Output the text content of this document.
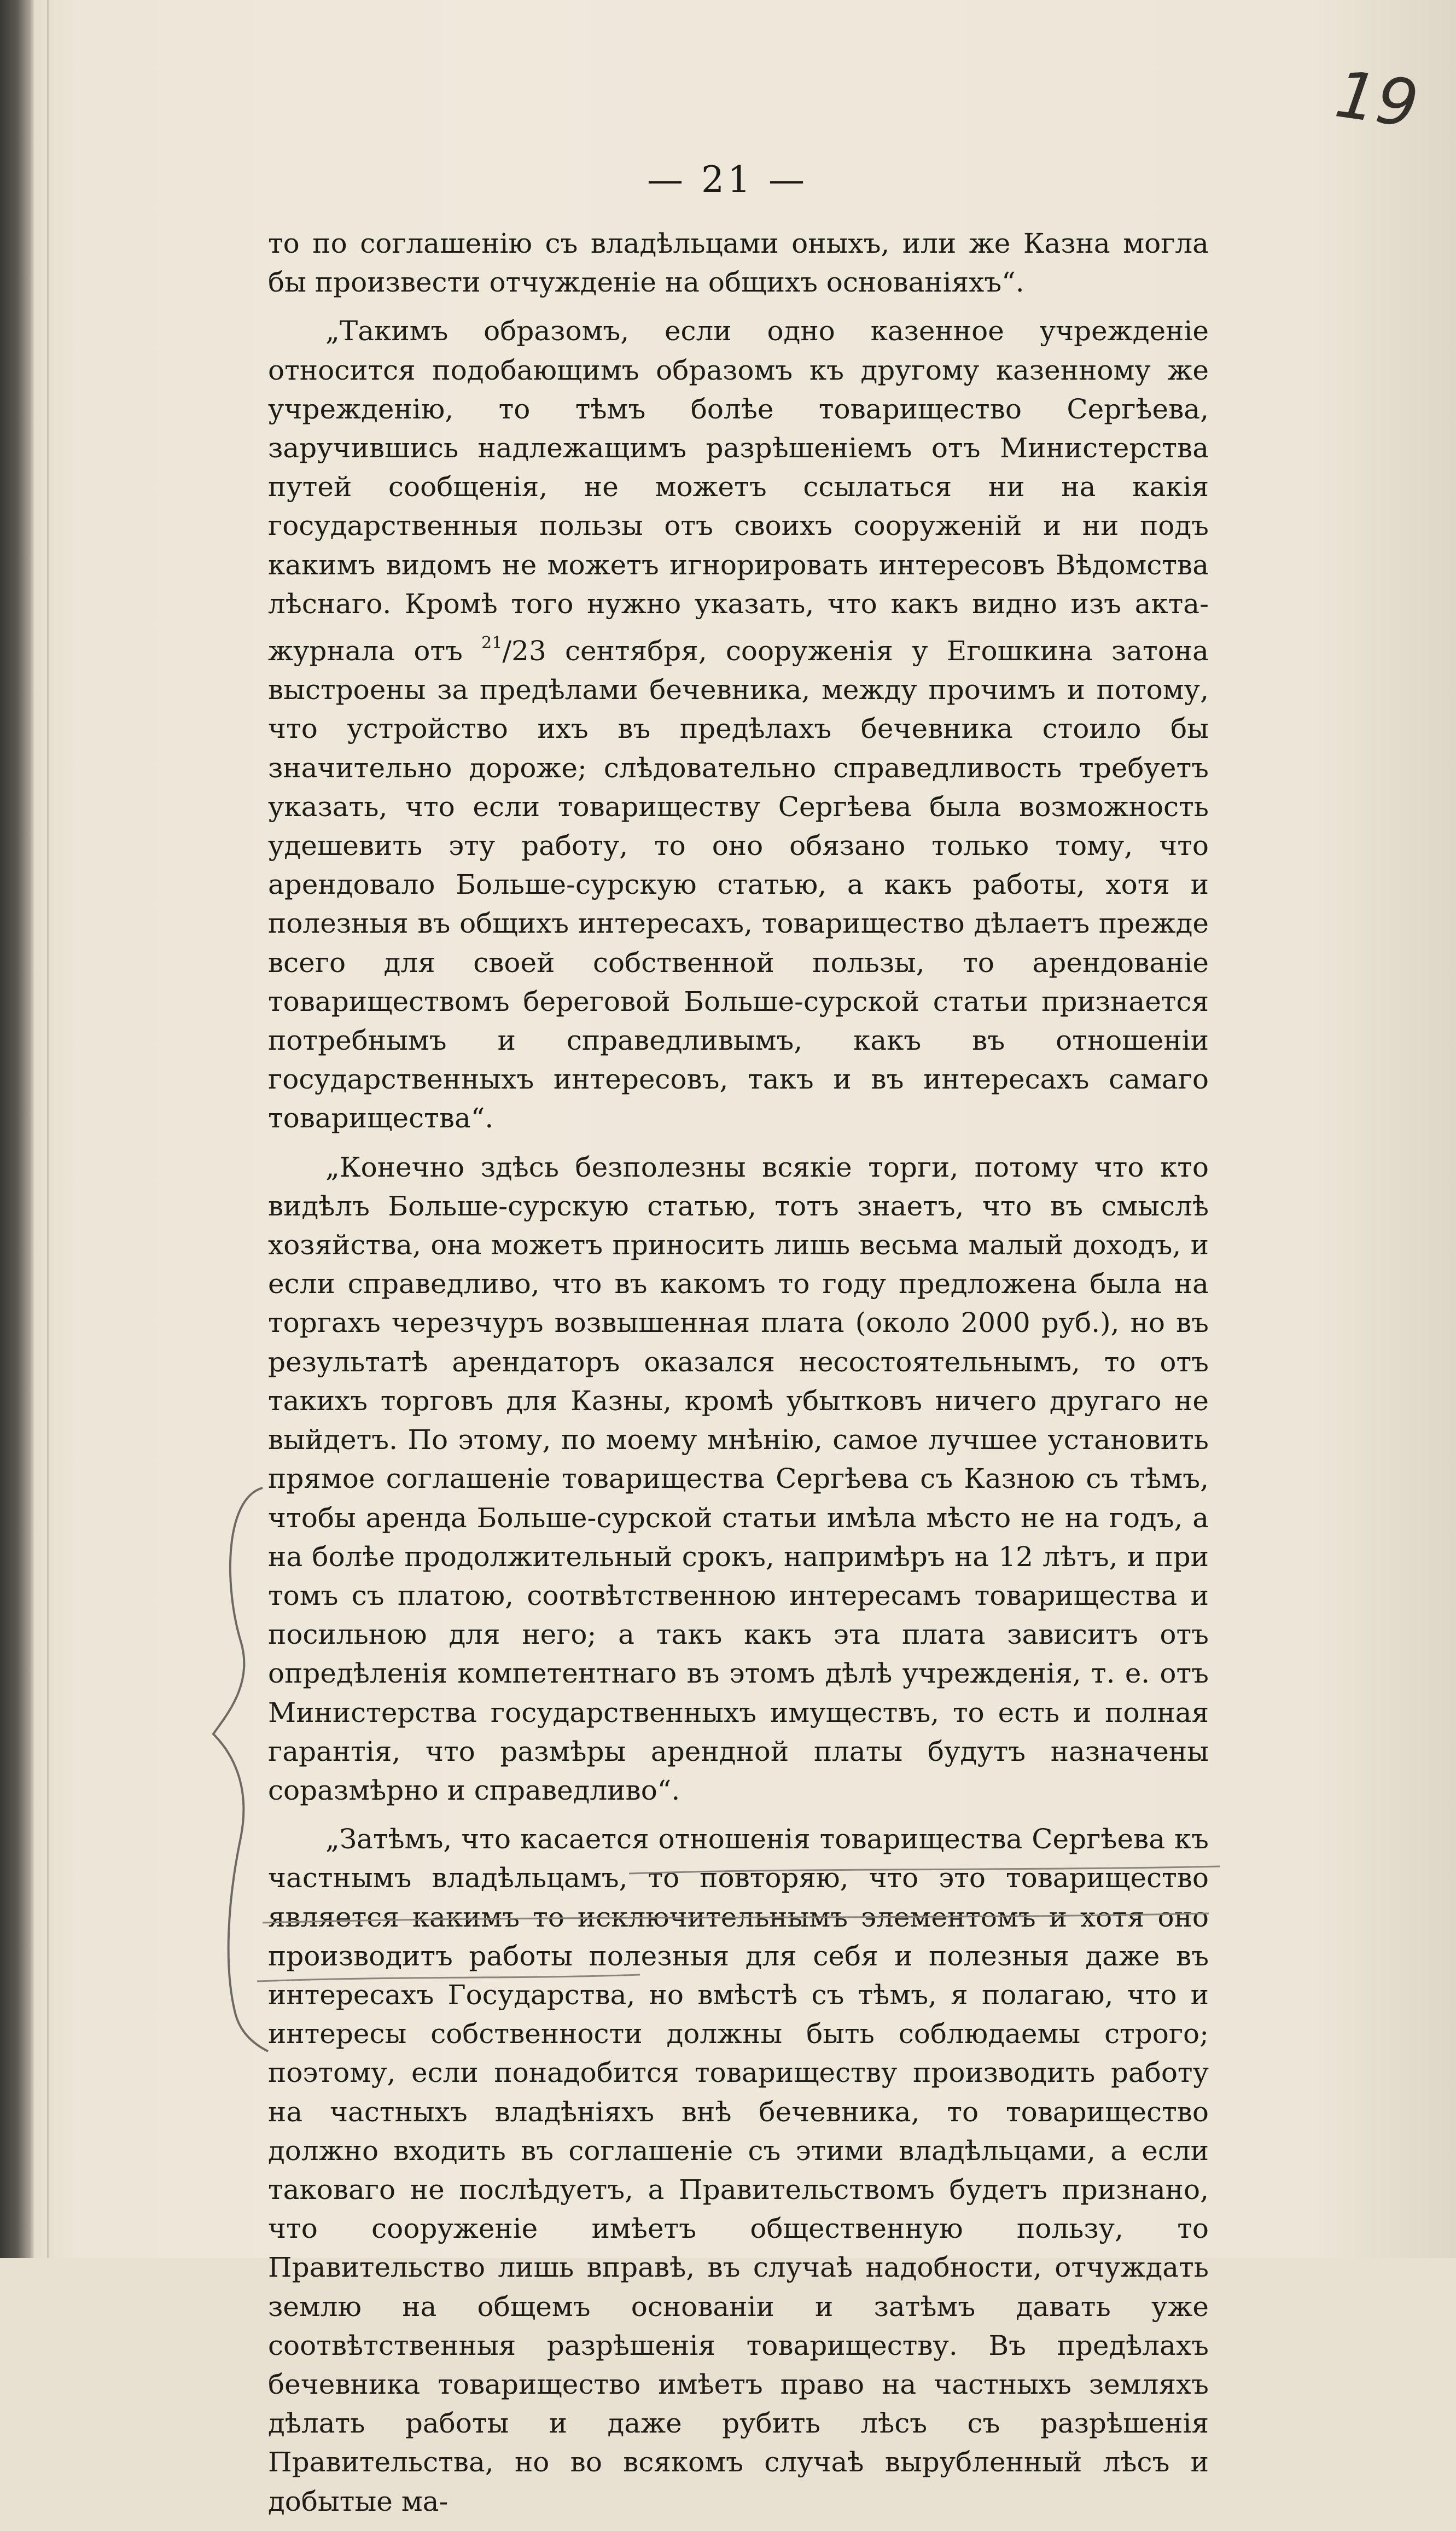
19
— 21 —

то по соглашенію съ владѣльцами оныхъ, или же Казна могла бы произвести отчужденіе на общихъ основаніяхъ“.

„Такимъ образомъ, если одно казенное учрежденіе относится подобающимъ образомъ къ другому казенному же учрежденію, то тѣмъ болѣе товарищество Сергѣева, заручившись надлежащимъ разрѣшеніемъ отъ Министерства путей сообщенія, не можетъ ссылаться ни на какія государственныя пользы отъ своихъ сооруженій и ни подъ какимъ видомъ не можетъ игнорировать интересовъ Вѣдомства лѣснаго. Кромѣ того нужно указать, что какъ видно изъ акта-журнала отъ $^{21}$/23 сентября, сооруженія у Егошкина затона выстроены за предѣлами бечевника, между прочимъ и потому, что устройство ихъ въ предѣлахъ бечевника стоило бы значительно дороже; слѣдовательно справедливость требуетъ указать, что если товариществу Сергѣева была возможность удешевить эту работу, то оно обязано только тому, что арендовало Больше-сурскую статью, а какъ работы, хотя и полезныя въ общихъ интересахъ, товарищество дѣлаетъ прежде всего для своей собственной пользы, то арендованіе товариществомъ береговой Больше-сурской статьи признается потребнымъ и справедливымъ, какъ въ отношеніи государственныхъ интересовъ, такъ и въ интересахъ самаго товарищества“.

„Конечно здѣсь безполезны всякіе торги, потому что кто видѣлъ Больше-сурскую статью, тотъ знаетъ, что въ смыслѣ хозяйства, она можетъ приносить лишь весьма малый доходъ, и если справедливо, что въ какомъ то году предложена была на торгахъ черезчуръ возвышенная плата (около 2000 руб.), но въ результатѣ арендаторъ оказался несостоятельнымъ, то отъ такихъ торговъ для Казны, кромѣ убытковъ ничего другаго не выйдетъ. По этому, по моему мнѣнію, самое лучшее установить прямое соглашеніе товарищества Сергѣева съ Казною съ тѣмъ, чтобы аренда Больше-сурской статьи имѣла мѣсто не на годъ, а на болѣе продолжительный срокъ, напримѣръ на 12 лѣтъ, и при томъ съ платою, соотвѣтственною интересамъ товарищества и посильною для него; а такъ какъ эта плата зависитъ отъ опредѣленія компетентнаго въ этомъ дѣлѣ учрежденія, т. е. отъ Министерства государственныхъ имуществъ, то есть и полная гарантія, что размѣры арендной платы будутъ назначены соразмѣрно и справедливо“.

„Затѣмъ, что касается отношенія товарищества Сергѣева къ частнымъ владѣльцамъ, то повторяю, что это товарищество является какимъ то исключительнымъ элементомъ и хотя оно производитъ работы полезныя для себя и полезныя даже въ интересахъ Государства, но вмѣстѣ съ тѣмъ, я полагаю, что и интересы собственности должны быть соблюдаемы строго; поэтому, если понадобится товариществу производить работу на частныхъ владѣніяхъ внѣ бечевника, то товарищество должно входить въ соглашеніе съ этими владѣльцами, а если таковаго не послѣдуетъ, а Правительствомъ будетъ признано, что сооруженіе имѣетъ общественную пользу, то Правительство лишь вправѣ, въ случаѣ надобности, отчуждать землю на общемъ основаніи и затѣмъ давать уже соотвѣтственныя разрѣшенія товариществу. Въ предѣлахъ бечевника товарищество имѣетъ право на частныхъ земляхъ дѣлать работы и даже рубить лѣсъ съ разрѣшенія Правительства, но во всякомъ случаѣ вырубленный лѣсъ и добытые ма-
